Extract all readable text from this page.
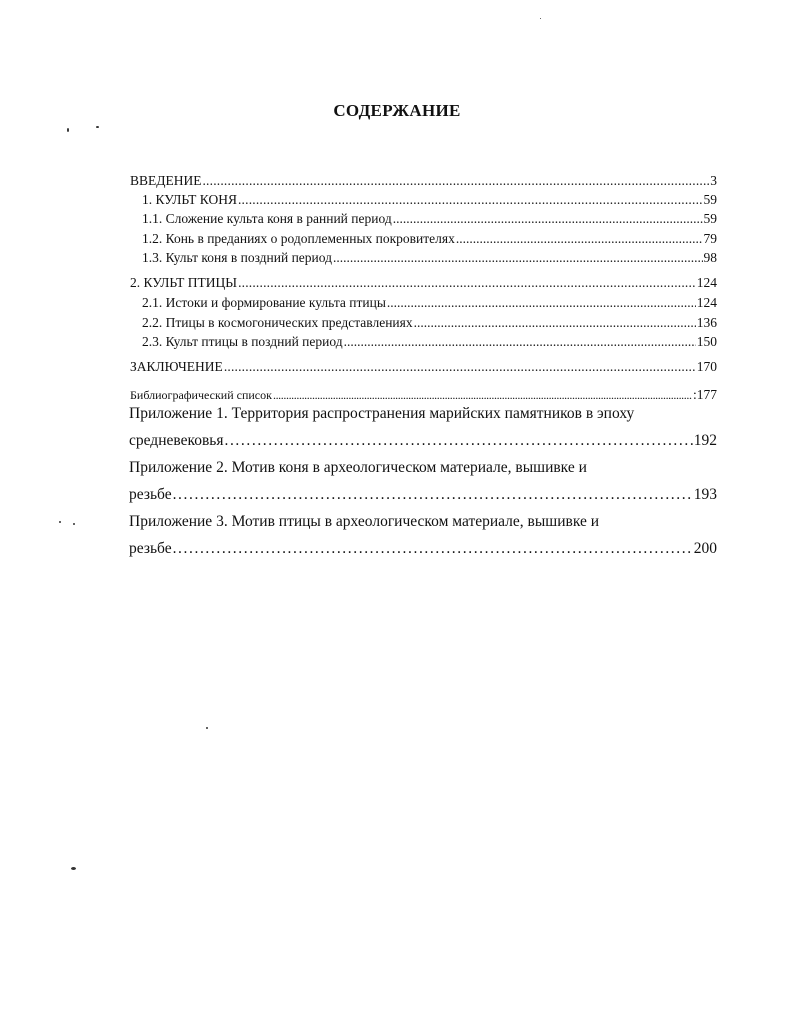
СОДЕРЖАНИЕ
ВВЕДЕНИЕ .....	3
1. КУЛЬТ КОНЯ .....	59
1.1. Сложение культа коня в ранний период .....	59
1.2. Конь в преданиях о родоплеменных покровителях .....	79
1.3. Культ коня в поздний период .....	98
2. КУЛЬТ ПТИЦЫ .....	124
2.1. Истоки и формирование культа птицы .....	124
2.2. Птицы в космогонических представлениях .....	136
2.3. Культ птицы в поздний период .....	150
ЗАКЛЮЧЕНИЕ .....	170
Библиографический список .....	:177
Приложение 1. Территория распространения марийских памятников в эпоху
средневековья .....	192
Приложение 2. Мотив коня в археологическом материале, вышивке и
резьбе .....	193
Приложение 3. Мотив птицы в археологическом материале, вышивке и
резьбе .....	200
